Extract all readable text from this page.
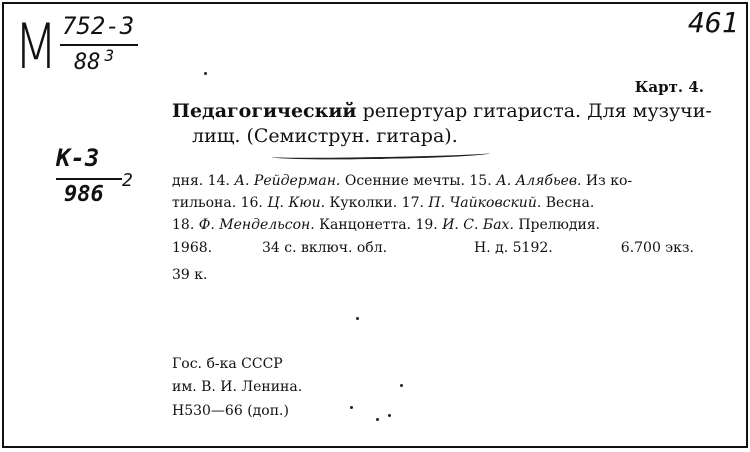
M 752-3
88 $^3$
461
К-3
986
2
Карт. 4.
Педагогический репертуар гитариста. Для музучи-
лищ. (Семиструн. гитара).
дня. 14. А. Рейдерман. Осенние мечты. 15. А. Алябьев. Из ко-
тильона. 16. Ц. Кюи. Куколки. 17. П. Чайковский. Весна.
18. Ф. Мендельсон. Канцонетта. 19. И. С. Бах. Прелюдия.
1968.	34 с. включ. обл.	Н. д. 5192.	6.700 экз.
39 к.
Гос. б-ка СССР
им. В. И. Ленина.
Н530—66 (доп.)
